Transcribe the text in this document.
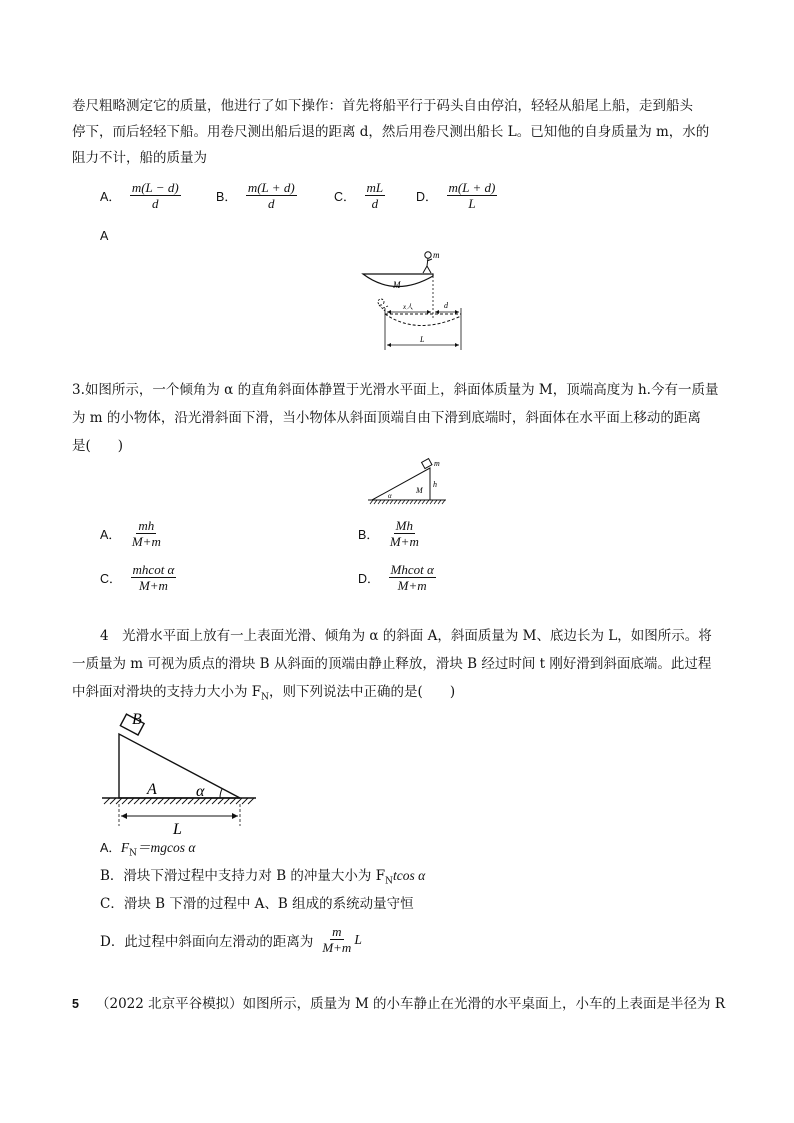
卷尺粗略测定它的质量，他进行了如下操作：首先将船平行于码头自由停泊，轻轻从船尾上船，走到船头
停下，而后轻轻下船。用卷尺测出船后退的距离 d，然后用卷尺测出船长 L。已知他的自身质量为 m，水的
阻力不计，船的质量为
A． $\frac{m(L - d)}{d}$	B． $\frac{m(L + d)}{d}$	C． $\frac{mL}{d}$ D． $\frac{m(L + d)}{L}$
A
M
m
x人	d
L
3.如图所示，一个倾角为 α 的直角斜面体静置于光滑水平面上，斜面体质量为 M，顶端高度为 h.今有一质量
为 m 的小物体，沿光滑斜面下滑，当小物体从斜面顶端自由下滑到底端时，斜面体在水平面上移动的距离
是(　　)
m
M
h
α
A． $\frac{mh}{M+m}$	B． $\frac{Mh}{M+m}$
C． $\frac{\text{mhcot α}}{M+m}$	D． $\frac{\text{Mhcot α}}{M+m}$
4　光滑水平面上放有一上表面光滑、倾角为 α 的斜面 A，斜面质量为 M、底边长为 L，如图所示。将
一质量为 m 可视为质点的滑块 B 从斜面的顶端由静止释放，滑块 B 经过时间 t 刚好滑到斜面底端。此过程
中斜面对滑块的支持力大小为 $F_N$，则下列说法中正确的是(　　)
B
A α
L
A．$F_N=mgcos$ α
B．滑块下滑过程中支持力对 B 的冲量大小为 $F_Ntcos$ α
C．滑块 B 下滑的过程中 A、B 组成的系统动量守恒
D．此过程中斜面向左滑动的距离为 $\frac{m}{M+m}$ L
5 （2022 北京平谷模拟）如图所示，质量为 M 的小车静止在光滑的水平桌面上，小车的上表面是半径为 R
